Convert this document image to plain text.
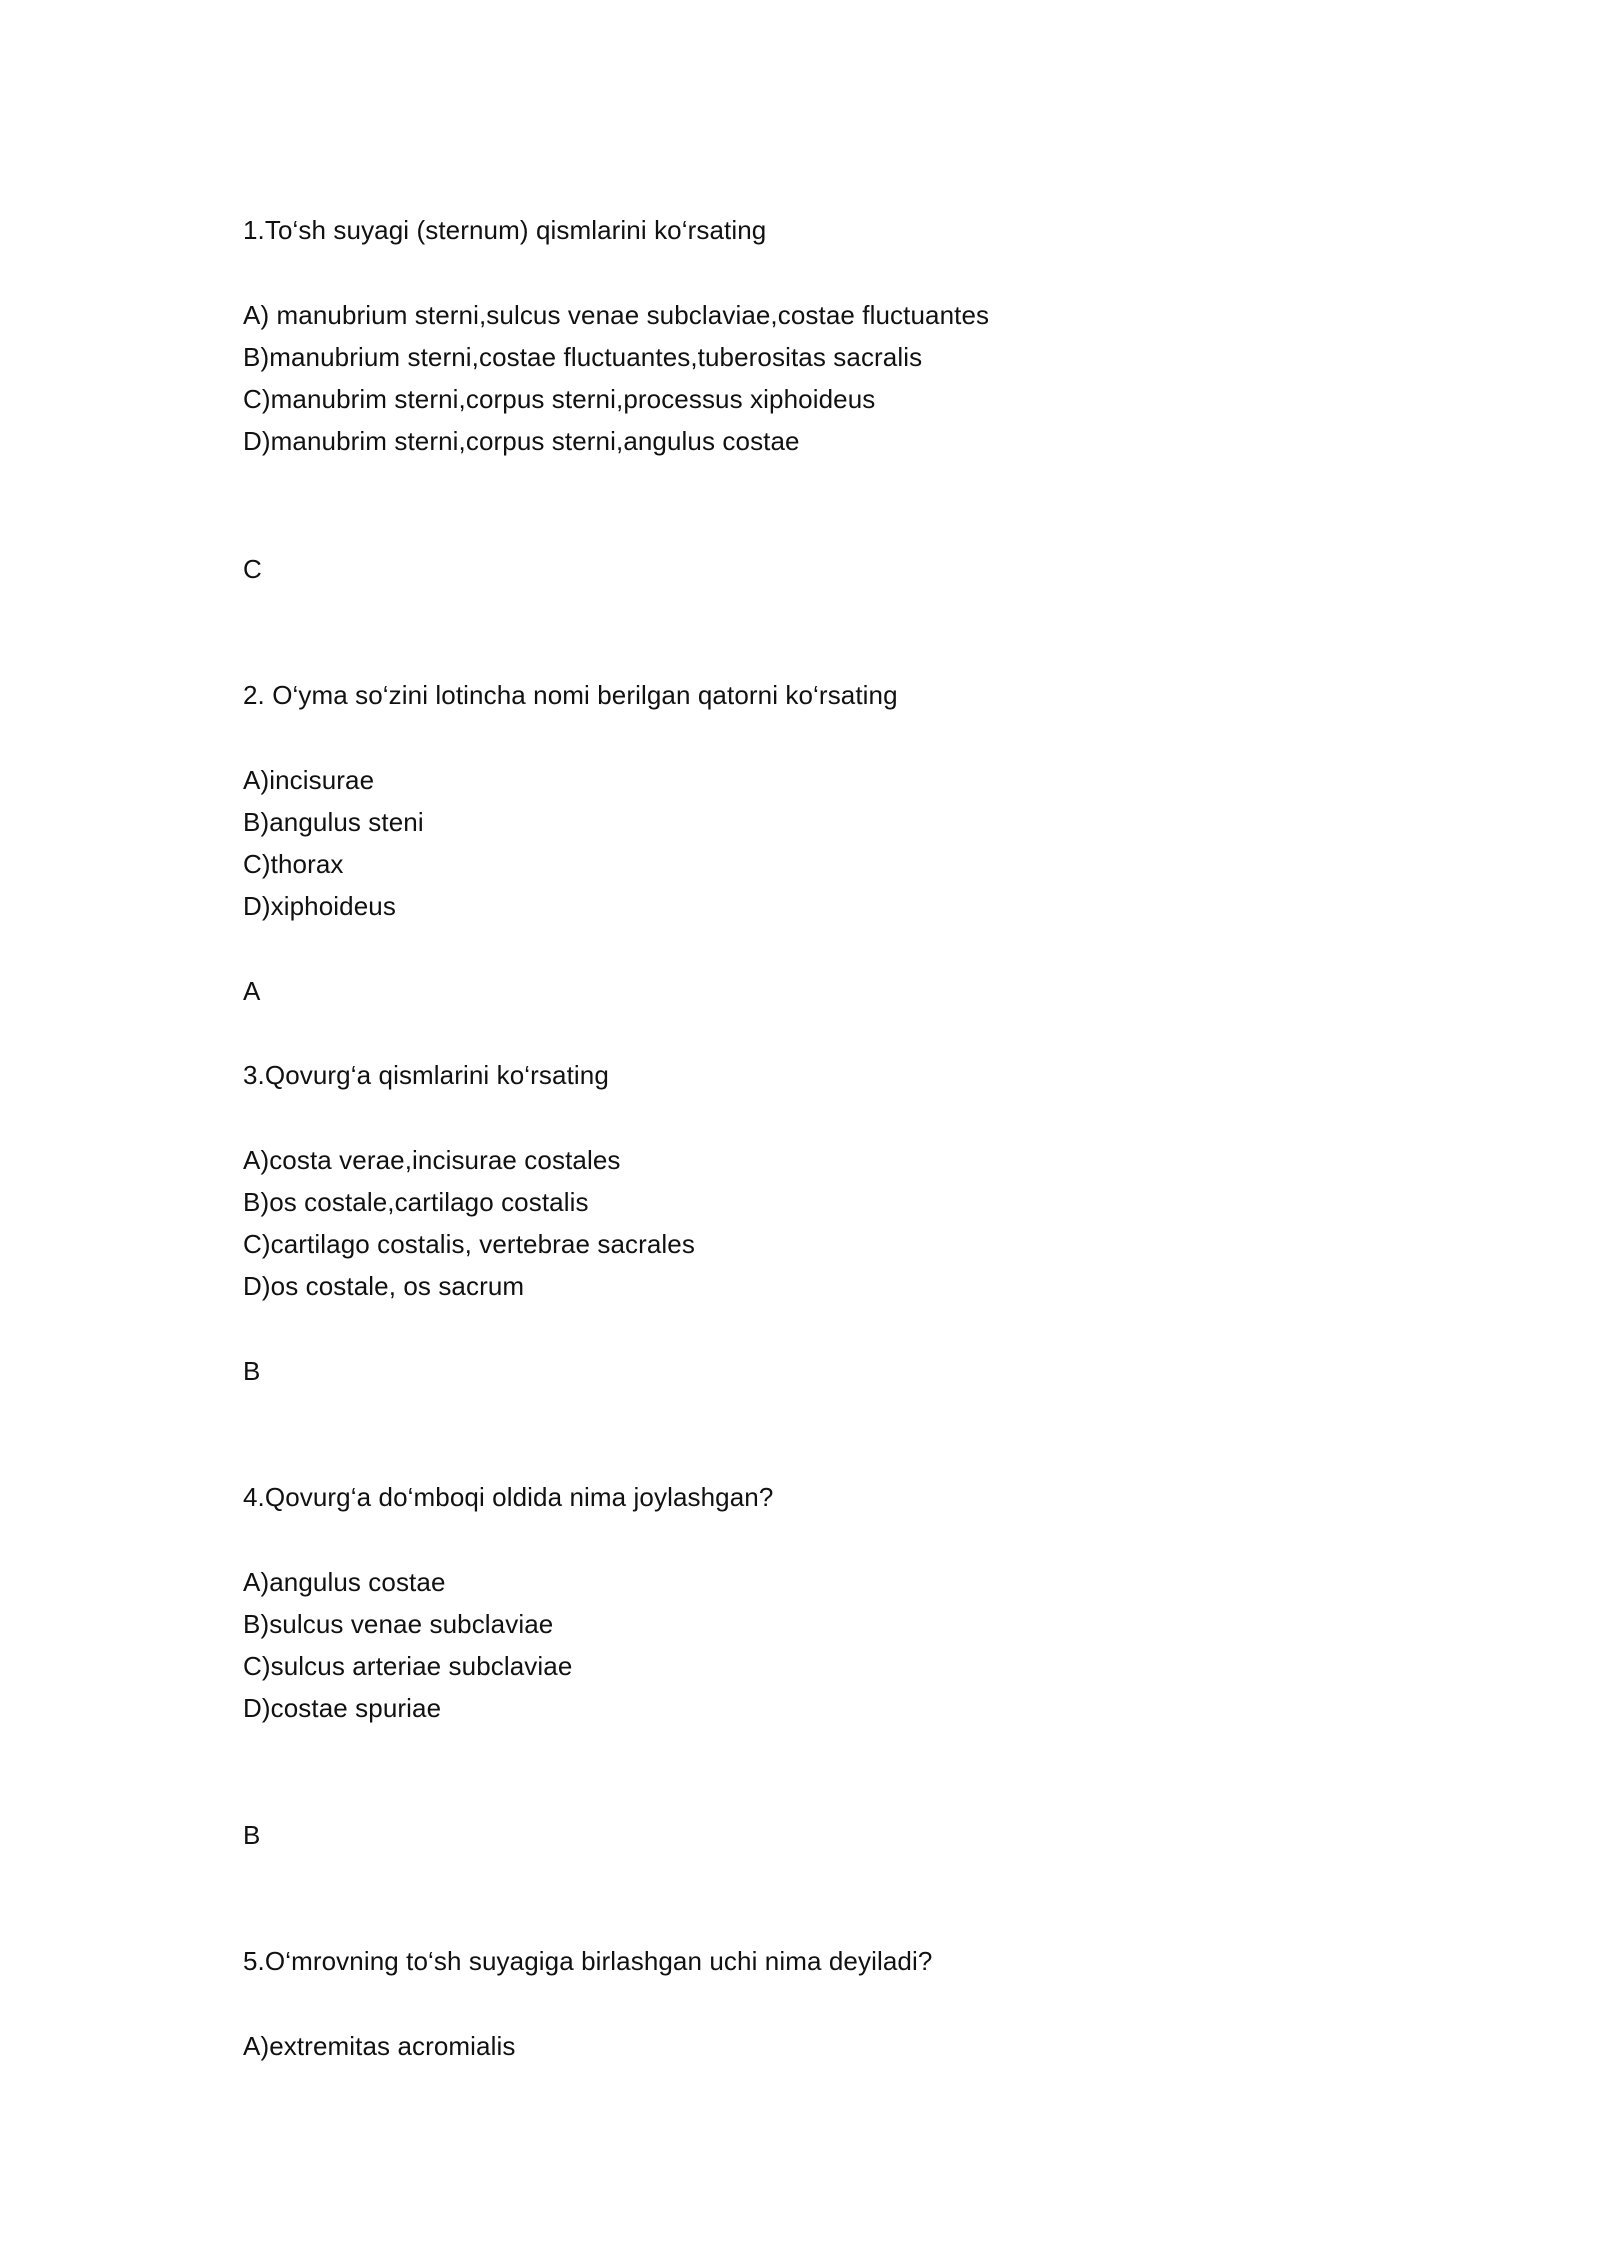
1.To‘sh suyagi (sternum) qismlarini ko‘rsating

A) manubrium sterni,sulcus venae subclaviae,costae fluctuantes

B)manubrium sterni,costae fluctuantes,tuberositas sacralis

C)manubrim sterni,corpus sterni,processus xiphoideus

D)manubrim sterni,corpus sterni,angulus costae

C

2. O‘yma so‘zini lotincha nomi berilgan qatorni ko‘rsating

A)incisurae

B)angulus steni

C)thorax

D)xiphoideus

A

3.Qovurg‘a qismlarini ko‘rsating

A)costa verae,incisurae costales

B)os costale,cartilago costalis

C)cartilago costalis, vertebrae sacrales

D)os costale, os sacrum

B

4.Qovurg‘a do‘mboqi oldida nima joylashgan?

A)angulus costae

B)sulcus venae subclaviae

C)sulcus arteriae subclaviae

D)costae spuriae

B

5.O‘mrovning to‘sh suyagiga birlashgan uchi nima deyiladi?

A)extremitas acromialis
